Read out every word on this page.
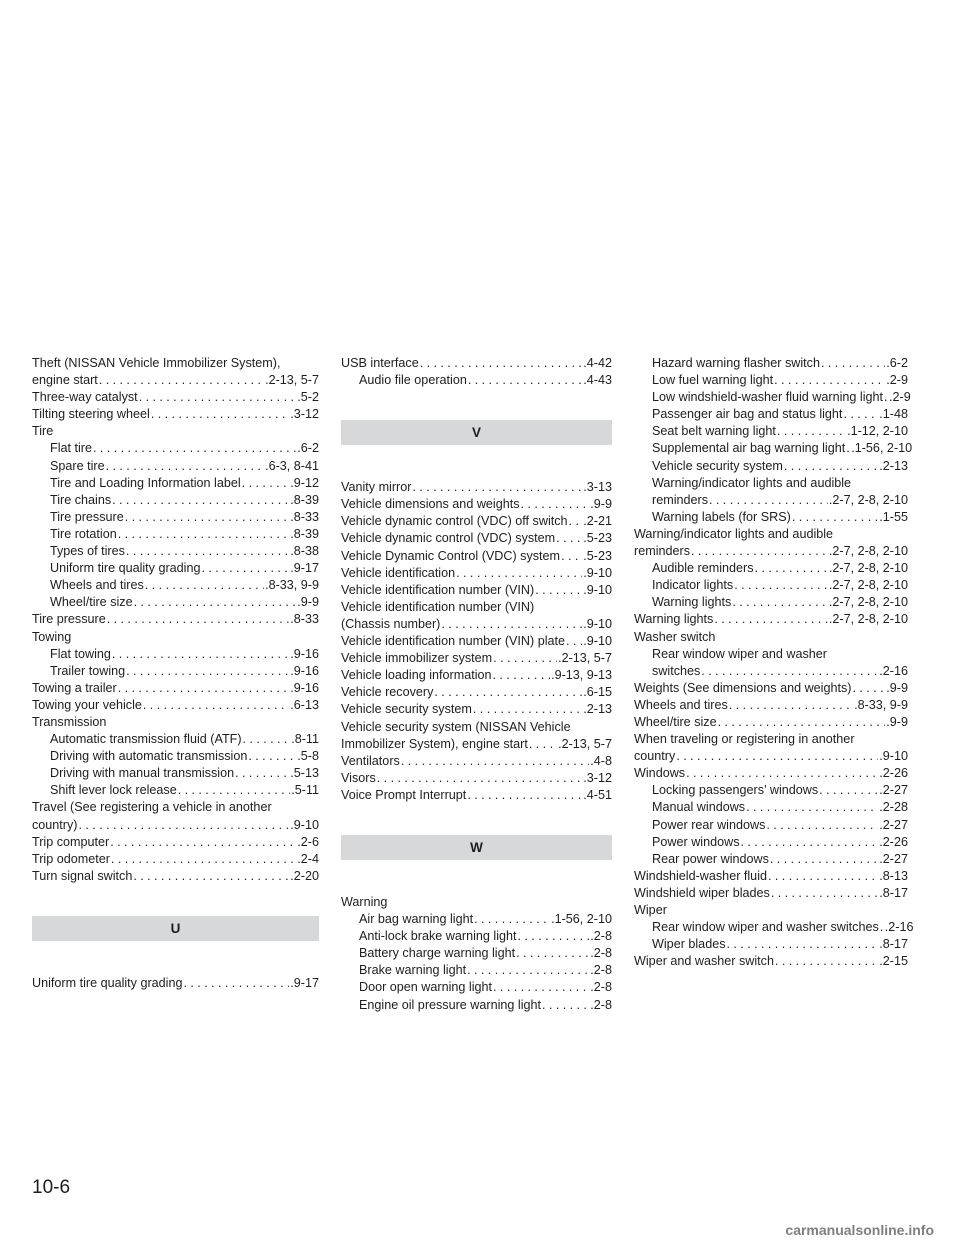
Theft (NISSAN Vehicle Immobilizer System),
engine start .....	.2-13, 5-7
Three-way catalyst .....	.5-2
Tilting steering wheel .....	.3-12
Tire
Flat tire .....	.6-2
Spare tire .....	.6-3, 8-41
Tire and Loading Information label .....	.9-12
Tire chains .....	.8-39
Tire pressure .....	.8-33
Tire rotation .....	.8-39
Types of tires .....	.8-38
Uniform tire quality grading .....	.9-17
Wheels and tires .....	.8-33, 9-9
Wheel/tire size .....	.9-9
Tire pressure .....	.8-33
Towing
Flat towing .....	.9-16
Trailer towing .....	.9-16
Towing a trailer .....	.9-16
Towing your vehicle .....	.6-13
Transmission
Automatic transmission fluid (ATF) .....	.8-11
Driving with automatic transmission .....	.5-8
Driving with manual transmission .....	.5-13
Shift lever lock release .....	.5-11
Travel (See registering a vehicle in another
country) .....	.9-10
Trip computer .....	.2-6
Trip odometer .....	.2-4
Turn signal switch .....	.2-20
U
Uniform tire quality grading .....	.9-17
USB interface .....	.4-42
Audio file operation .....	.4-43
V
Vanity mirror .....	.3-13
Vehicle dimensions and weights .....	.9-9
Vehicle dynamic control (VDC) off switch ..... .2-21
Vehicle dynamic control (VDC) system ..... .5-23
Vehicle Dynamic Control (VDC) system ..... .5-23
Vehicle identification .....	.9-10
Vehicle identification number (VIN) .....	.9-10
Vehicle identification number (VIN)
(Chassis number) .....	.9-10
Vehicle identification number (VIN) plate ..... .9-10
Vehicle immobilizer system .....	.2-13, 5-7
Vehicle loading information .....	.9-13, 9-13
Vehicle recovery .....	.6-15
Vehicle security system .....	.2-13
Vehicle security system (NISSAN Vehicle
Immobilizer System), engine start ..... .2-13, 5-7
Ventilators .....	.4-8
Visors .....	.3-12
Voice Prompt Interrupt .....	.4-51
W
Warning
Air bag warning light .....	.1-56, 2-10
Anti-lock brake warning light .....	.2-8
Battery charge warning light .....	.2-8
Brake warning light .....	.2-8
Door open warning light .....	.2-8
Engine oil pressure warning light .....	.2-8
Hazard warning flasher switch .....	.6-2
Low fuel warning light .....	.2-9
Low windshield-washer fluid warning light ..... .2-9
Passenger air bag and status light .....	.1-48
Seat belt warning light .....	.1-12, 2-10
Supplemental air bag warning light ..... .1-56, 2-10
Vehicle security system .....	.2-13
Warning/indicator lights and audible
reminders .....	.2-7, 2-8, 2-10
Warning labels (for SRS) .....	.1-55
Warning/indicator lights and audible
reminders .....	.2-7, 2-8, 2-10
Audible reminders .....	.2-7, 2-8, 2-10
Indicator lights .....	.2-7, 2-8, 2-10
Warning lights .....	.2-7, 2-8, 2-10
Warning lights .....	.2-7, 2-8, 2-10
Washer switch
Rear window wiper and washer
switches .....	.2-16
Weights (See dimensions and weights) .....	.9-9
Wheels and tires .....	.8-33, 9-9
Wheel/tire size .....	.9-9
When traveling or registering in another
country .....	.9-10
Windows .....	.2-26
Locking passengers’ windows .....	.2-27
Manual windows .....	.2-28
Power rear windows .....	.2-27
Power windows .....	.2-26
Rear power windows .....	.2-27
Windshield-washer fluid .....	.8-13
Windshield wiper blades .....	.8-17
Wiper
Rear window wiper and washer switches ..... .2-16
Wiper blades .....	.8-17
Wiper and washer switch .....	.2-15
10-6
carmanualsonline.info
